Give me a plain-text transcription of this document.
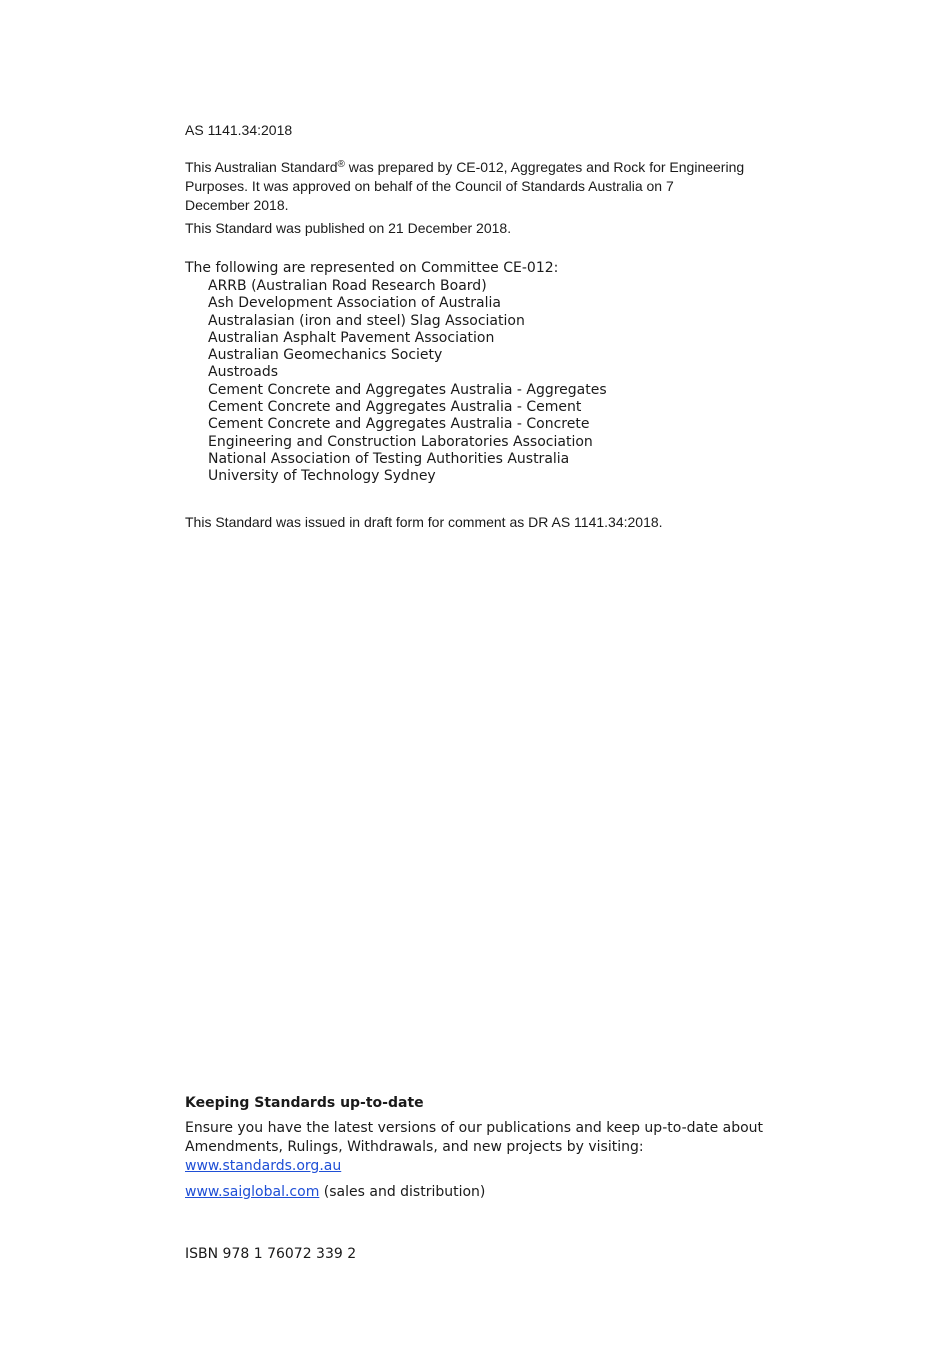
AS 1141.34:2018
This Australian Standard® was prepared by CE-012, Aggregates and Rock for Engineering
Purposes. It was approved on behalf of the Council of Standards Australia on 7
December 2018.
This Standard was published on 21 December 2018.
The following are represented on Committee CE-012:
ARRB (Australian Road Research Board)
Ash Development Association of Australia
Australasian (iron and steel) Slag Association
Australian Asphalt Pavement Association
Australian Geomechanics Society
Austroads
Cement Concrete and Aggregates Australia - Aggregates
Cement Concrete and Aggregates Australia - Cement
Cement Concrete and Aggregates Australia - Concrete
Engineering and Construction Laboratories Association
National Association of Testing Authorities Australia
University of Technology Sydney
This Standard was issued in draft form for comment as DR AS 1141.34:2018.
Keeping Standards up-to-date
Ensure you have the latest versions of our publications and keep up-to-date about
Amendments, Rulings, Withdrawals, and new projects by visiting:
www.standards.org.au
www.saiglobal.com (sales and distribution)
ISBN 978 1 76072 339 2
